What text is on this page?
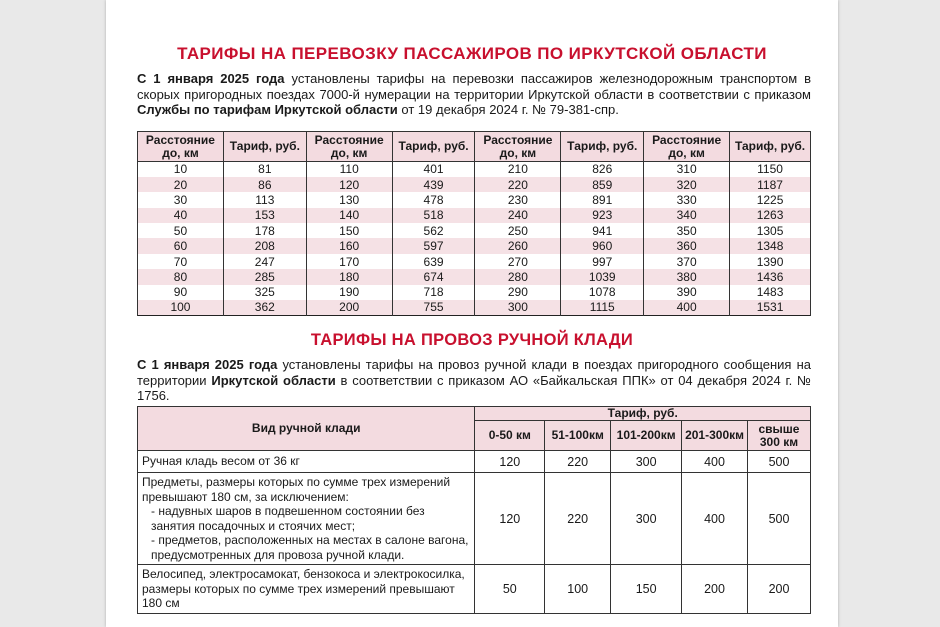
ТАРИФЫ НА ПЕРЕВОЗКУ ПАССАЖИРОВ ПО ИРКУТСКОЙ ОБЛАСТИ

С 1 января 2025 года установлены тарифы на перевозки пассажиров железнодорожным транспортом в скорых пригородных поездах 7000-й нумерации на территории Иркутской области в соответствии с приказом Службы по тарифам Иркутской области от 19 декабря 2024 г. № 79-381-спр.

Расстояние до, км	Тариф, руб.	Расстояние до, км	Тариф, руб.	Расстояние до, км	Тариф, руб.	Расстояние до, км	Тариф, руб.
10	81	110	401	210	826	310	1150
20	86	120	439	220	859	320	1187
30	113	130	478	230	891	330	1225
40	153	140	518	240	923	340	1263
50	178	150	562	250	941	350	1305
60	208	160	597	260	960	360	1348
70	247	170	639	270	997	370	1390
80	285	180	674	280	1039	380	1436
90	325	190	718	290	1078	390	1483
100	362	200	755	300	1115	400	1531
ТАРИФЫ НА ПРОВОЗ РУЧНОЙ КЛАДИ

С 1 января 2025 года установлены тарифы на провоз ручной клади в поездах пригородного сообщения на территории Иркутской области в соответствии с приказом АО «Байкальская ППК» от 04 декабря 2024 г. № 1756.

Вид ручной клади	Тариф, руб.				
	0-50 км	51-100км	101-200км	201-300км	свыше 300 км
Ручная кладь весом от 36 кг	120	220	300	400	500

Предметы, размеры которых по сумме трех измерений превышают 180 см, за исключением:
- надувных шаров в подвешенном состоянии без занятия посадочных и стоячих мест;
- предметов, расположенных на местах в салоне вагона, предусмотренных для провоза ручной клади.	120	220	300	400	500
Велосипед, электросамокат, бензокоса и электрокосилка, размеры которых по сумме трех измерений превышают 180 см	50	100	150	200	200
